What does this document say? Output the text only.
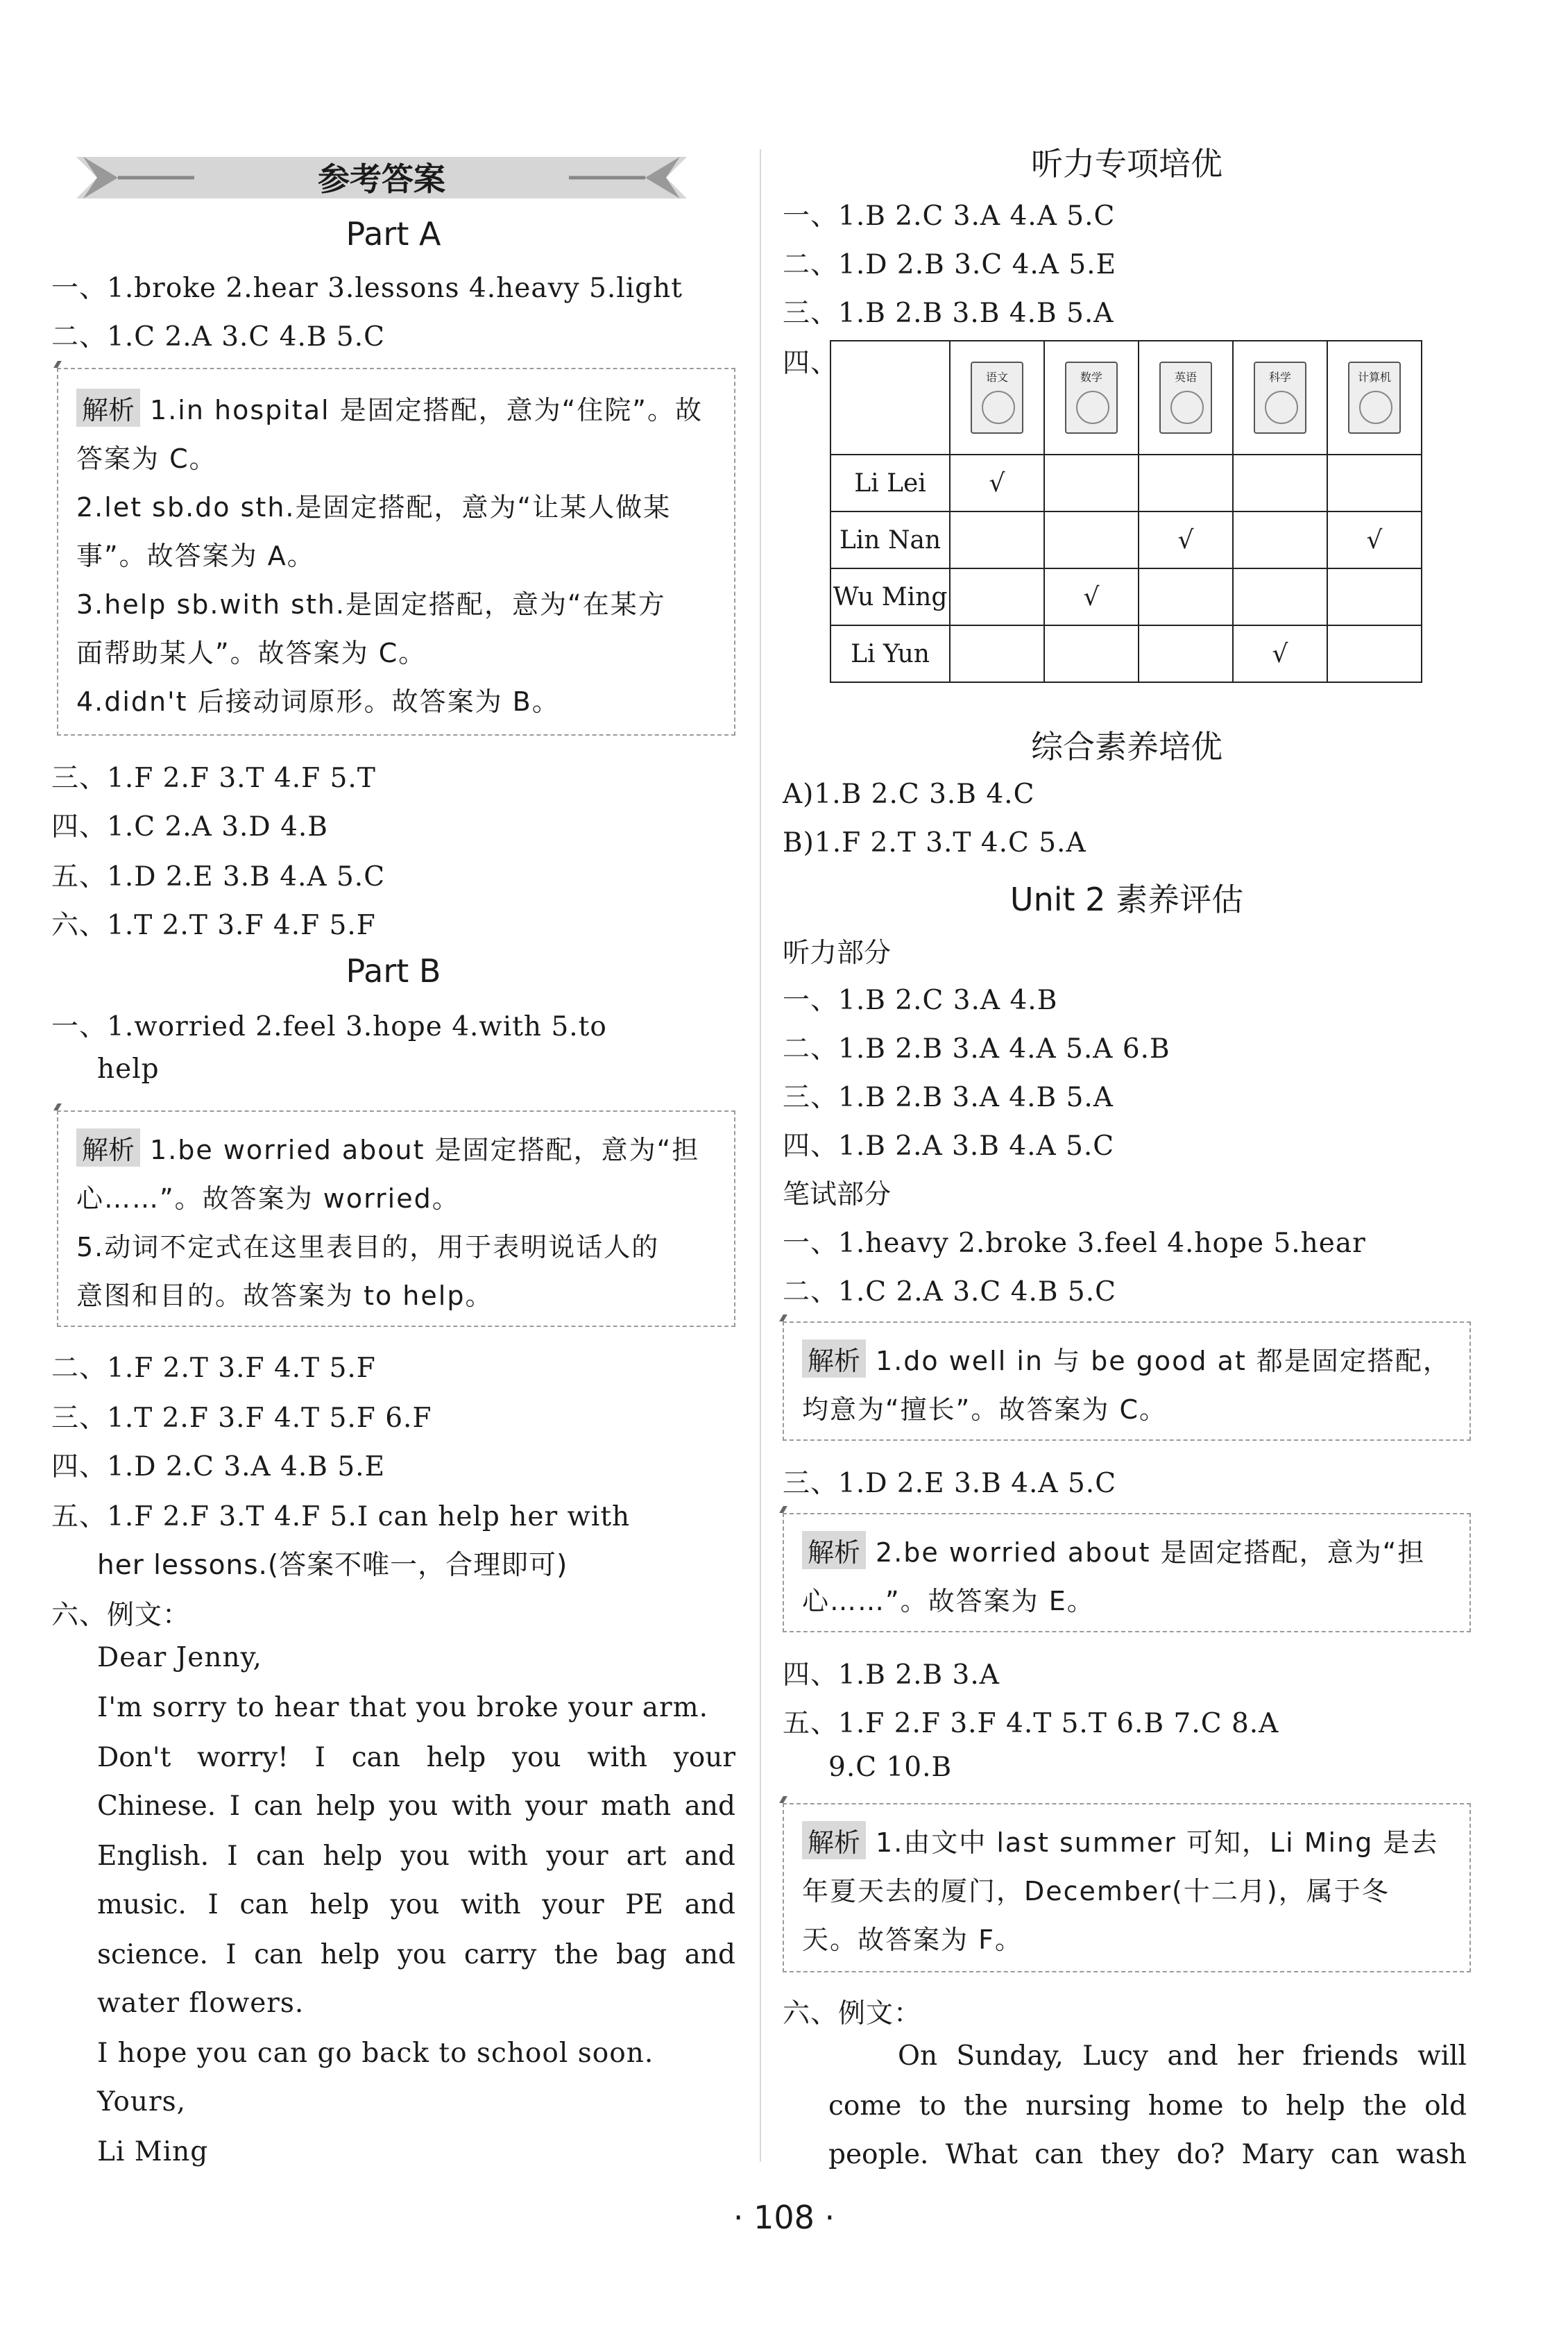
参考答案
Part A
一、1.broke 2.hear 3.lessons 4.heavy 5.light
二、1.C 2.A 3.C 4.B 5.C
解析 1.in hospital 是固定搭配，意为“住院”。故
答案为 C。
2.let sb.do sth.是固定搭配，意为“让某人做某
事”。故答案为 A。
3.help sb.with sth.是固定搭配，意为“在某方
面帮助某人”。故答案为 C。
4.didn't 后接动词原形。故答案为 B。
三、1.F 2.F 3.T 4.F 5.T
四、1.C 2.A 3.D 4.B
五、1.D 2.E 3.B 4.A 5.C
六、1.T 2.T 3.F 4.F 5.F
Part B
一、1.worried 2.feel 3.hope 4.with 5.to
help
解析 1.be worried about 是固定搭配，意为“担
心……”。故答案为 worried。
5.动词不定式在这里表目的，用于表明说话人的
意图和目的。故答案为 to help。
二、1.F 2.T 3.F 4.T 5.F
三、1.T 2.F 3.F 4.T 5.F 6.F
四、1.D 2.C 3.A 4.B 5.E
五、1.F 2.F 3.T 4.F 5.I can help her with
her lessons.(答案不唯一，合理即可)
六、例文：
Dear Jenny,
I'm sorry to hear that you broke your arm.
Don't worry! I can help you with your
Chinese. I can help you with your math and
English. I can help you with your art and
music. I can help you with your PE and
science. I can help you carry the bag and
water flowers.
I hope you can go back to school soon.
Yours,
Li Ming
听力专项培优
一、1.B 2.C 3.A 4.A 5.C
二、1.D 2.B 3.C 4.A 5.E
三、1.B 2.B 3.B 4.B 5.A
四、

	语文	数学	英语	科学	计算机

Li Lei	√				
Lin Nan			√		√
Wu Ming		√			
Li Yun				√	
综合素养培优
A)1.B 2.C 3.B 4.C
B)1.F 2.T 3.T 4.C 5.A
Unit 2 素养评估
听力部分
一、1.B 2.C 3.A 4.B
二、1.B 2.B 3.A 4.A 5.A 6.B
三、1.B 2.B 3.A 4.B 5.A
四、1.B 2.A 3.B 4.A 5.C
笔试部分
一、1.heavy 2.broke 3.feel 4.hope 5.hear
二、1.C 2.A 3.C 4.B 5.C
解析 1.do well in 与 be good at 都是固定搭配，
均意为“擅长”。故答案为 C。
三、1.D 2.E 3.B 4.A 5.C
解析 2.be worried about 是固定搭配，意为“担
心……”。故答案为 E。
四、1.B 2.B 3.A
五、1.F 2.F 3.F 4.T 5.T 6.B 7.C 8.A
9.C 10.B
解析 1.由文中 last summer 可知，Li Ming 是去
年夏天去的厦门，December(十二月)，属于冬
天。故答案为 F。
六、例文：
On Sunday, Lucy and her friends will
come to the nursing home to help the old
people. What can they do? Mary can wash
· 108 ·
